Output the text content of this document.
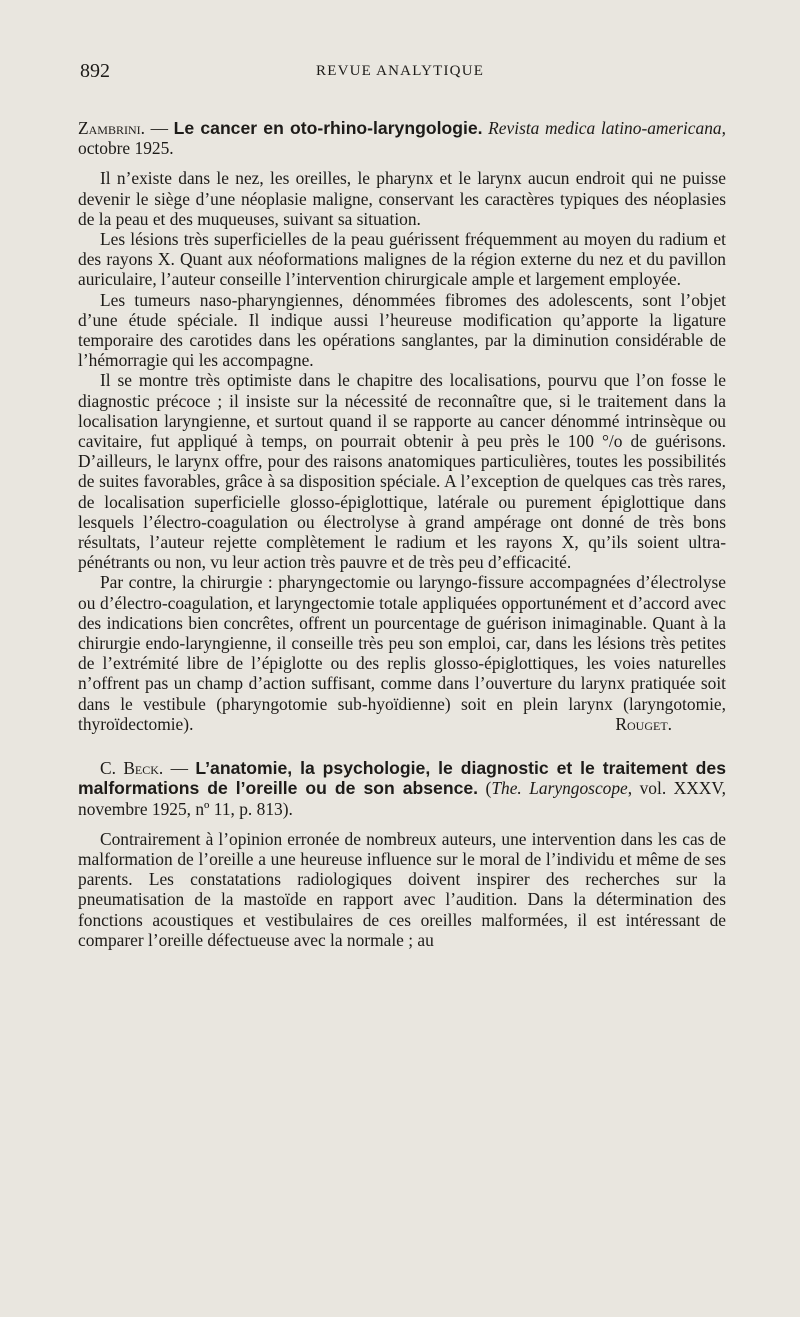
892	REVUE ANALYTIQUE

Zambrini. — Le cancer en oto-rhino-laryngologie. Revista medica latino-americana, octobre 1925.

Il n’existe dans le nez, les oreilles, le pharynx et le larynx aucun endroit qui ne puisse devenir le siège d’une néoplasie maligne, conservant les caractères typiques des néoplasies de la peau et des muqueuses, suivant sa situation.

Les lésions très superficielles de la peau guérissent fréquemment au moyen du radium et des rayons X. Quant aux néoformations malignes de la région externe du nez et du pavillon auriculaire, l’auteur conseille l’intervention chirurgicale ample et largement employée.

Les tumeurs naso-pharyngiennes, dénommées fibromes des adolescents, sont l’objet d’une étude spéciale. Il indique aussi l’heureuse modification qu’apporte la ligature temporaire des carotides dans les opérations sanglantes, par la diminution considérable de l’hémorragie qui les accompagne.

Il se montre très optimiste dans le chapitre des localisations, pourvu que l’on fosse le diagnostic précoce ; il insiste sur la nécessité de reconnaître que, si le traitement dans la localisation laryngienne, et surtout quand il se rapporte au cancer dénommé intrinsèque ou cavitaire, fut appliqué à temps, on pourrait obtenir à peu près le 100 °/o de guérisons. D’ailleurs, le larynx offre, pour des raisons anatomiques particulières, toutes les possibilités de suites favorables, grâce à sa disposition spéciale. A l’exception de quelques cas très rares, de localisation superficielle glosso-épiglottique, latérale ou purement épiglottique dans lesquels l’électro-coagulation ou électrolyse à grand ampérage ont donné de très bons résultats, l’auteur rejette complètement le radium et les rayons X, qu’ils soient ultra-pénétrants ou non, vu leur action très pauvre et de très peu d’efficacité.

Par contre, la chirurgie : pharyngectomie ou laryngo-fissure accompagnées d’électrolyse ou d’électro-coagulation, et laryngectomie totale appliquées opportunément et d’accord avec des indications bien concrêtes, offrent un pourcentage de guérison inimaginable. Quant à la chirurgie endo-laryngienne, il conseille très peu son emploi, car, dans les lésions très petites de l’extrémité libre de l’épiglotte ou des replis glosso-épiglottiques, les voies naturelles n’offrent pas un champ d’action suffisant, comme dans l’ouverture du larynx pratiquée soit dans le vestibule (pharyngotomie sub-hyoïdienne) soit en plein larynx (laryngotomie, thyroïdectomie).	Rouget.

C. Beck. — L’anatomie, la psychologie, le diagnostic et le traitement des malformations de l’oreille ou de son absence. (The. Laryngoscope, vol. XXXV, novembre 1925, nº 11, p. 813).

Contrairement à l’opinion erronée de nombreux auteurs, une intervention dans les cas de malformation de l’oreille a une heureuse influence sur le moral de l’individu et même de ses parents. Les constatations radiologiques doivent inspirer des recherches sur la pneumatisation de la mastoïde en rapport avec l’audition. Dans la détermination des fonctions acoustiques et vestibulaires de ces oreilles malformées, il est intéressant de comparer l’oreille défectueuse avec la normale ; au
